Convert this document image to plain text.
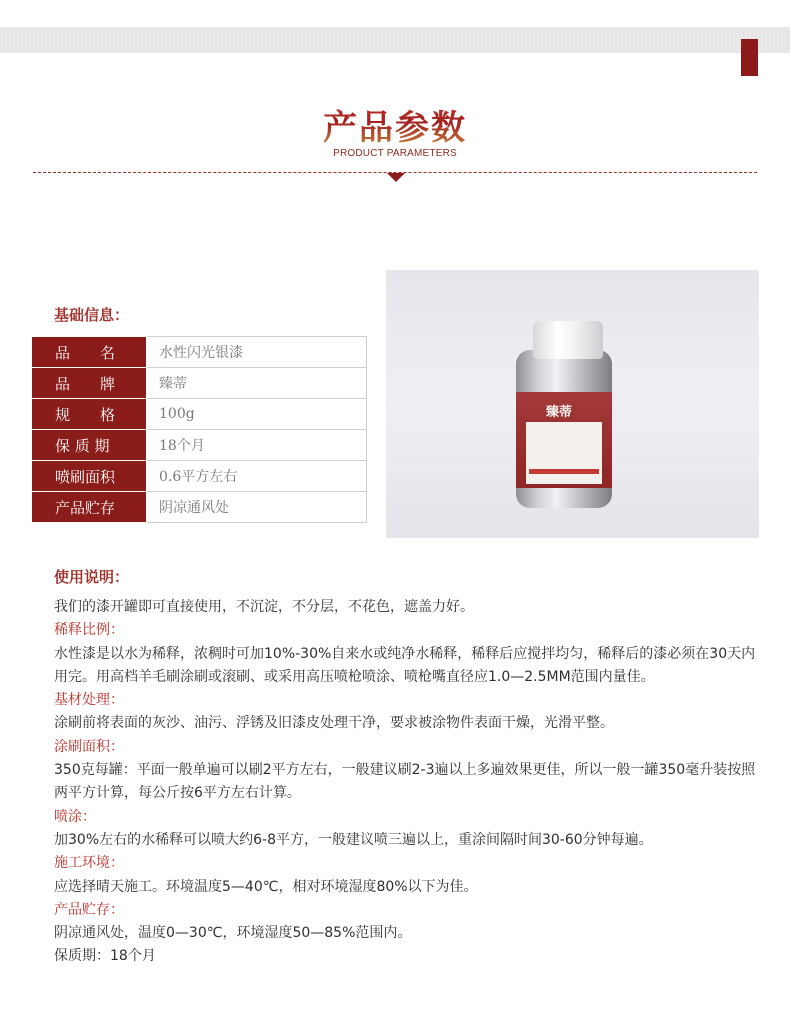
产品参数
PRODUCT PARAMETERS
基础信息：
品　　名	水性闪光银漆
品　　牌	臻蒂
规　　格	100g
保 质 期	18个月
喷刷面积	0.6平方左右
产品贮存	阴凉通风处
臻蒂
使用说明：
我们的漆开罐即可直接使用，不沉淀，不分层，不花色，遮盖力好。
稀释比例：
水性漆是以水为稀释，浓稠时可加10%-30%自来水或纯净水稀释，稀释后应搅拌均匀，稀释后的漆必须在30天内用完。用高档羊毛刷涂刷或滚刷、或采用高压喷枪喷涂、喷枪嘴直径应1.0—2.5MM范围内量佳。
基材处理：
涂刷前将表面的灰沙、油污、浮锈及旧漆皮处理干净，要求被涂物件表面干燥，光滑平整。
涂刷面积：
350克每罐：平面一般单遍可以刷2平方左右，一般建议刷2-3遍以上多遍效果更佳，所以一般一罐350毫升装按照两平方计算，每公斤按6平方左右计算。
喷涂：
加30%左右的水稀释可以喷大约6-8平方，一般建议喷三遍以上，重涂间隔时间30-60分钟每遍。
施工环境：
应选择晴天施工。环境温度5—40℃，相对环境湿度80%以下为佳。
产品贮存：
阴凉通风处，温度0—30℃，环境湿度50—85%范围内。
保质期：18个月
